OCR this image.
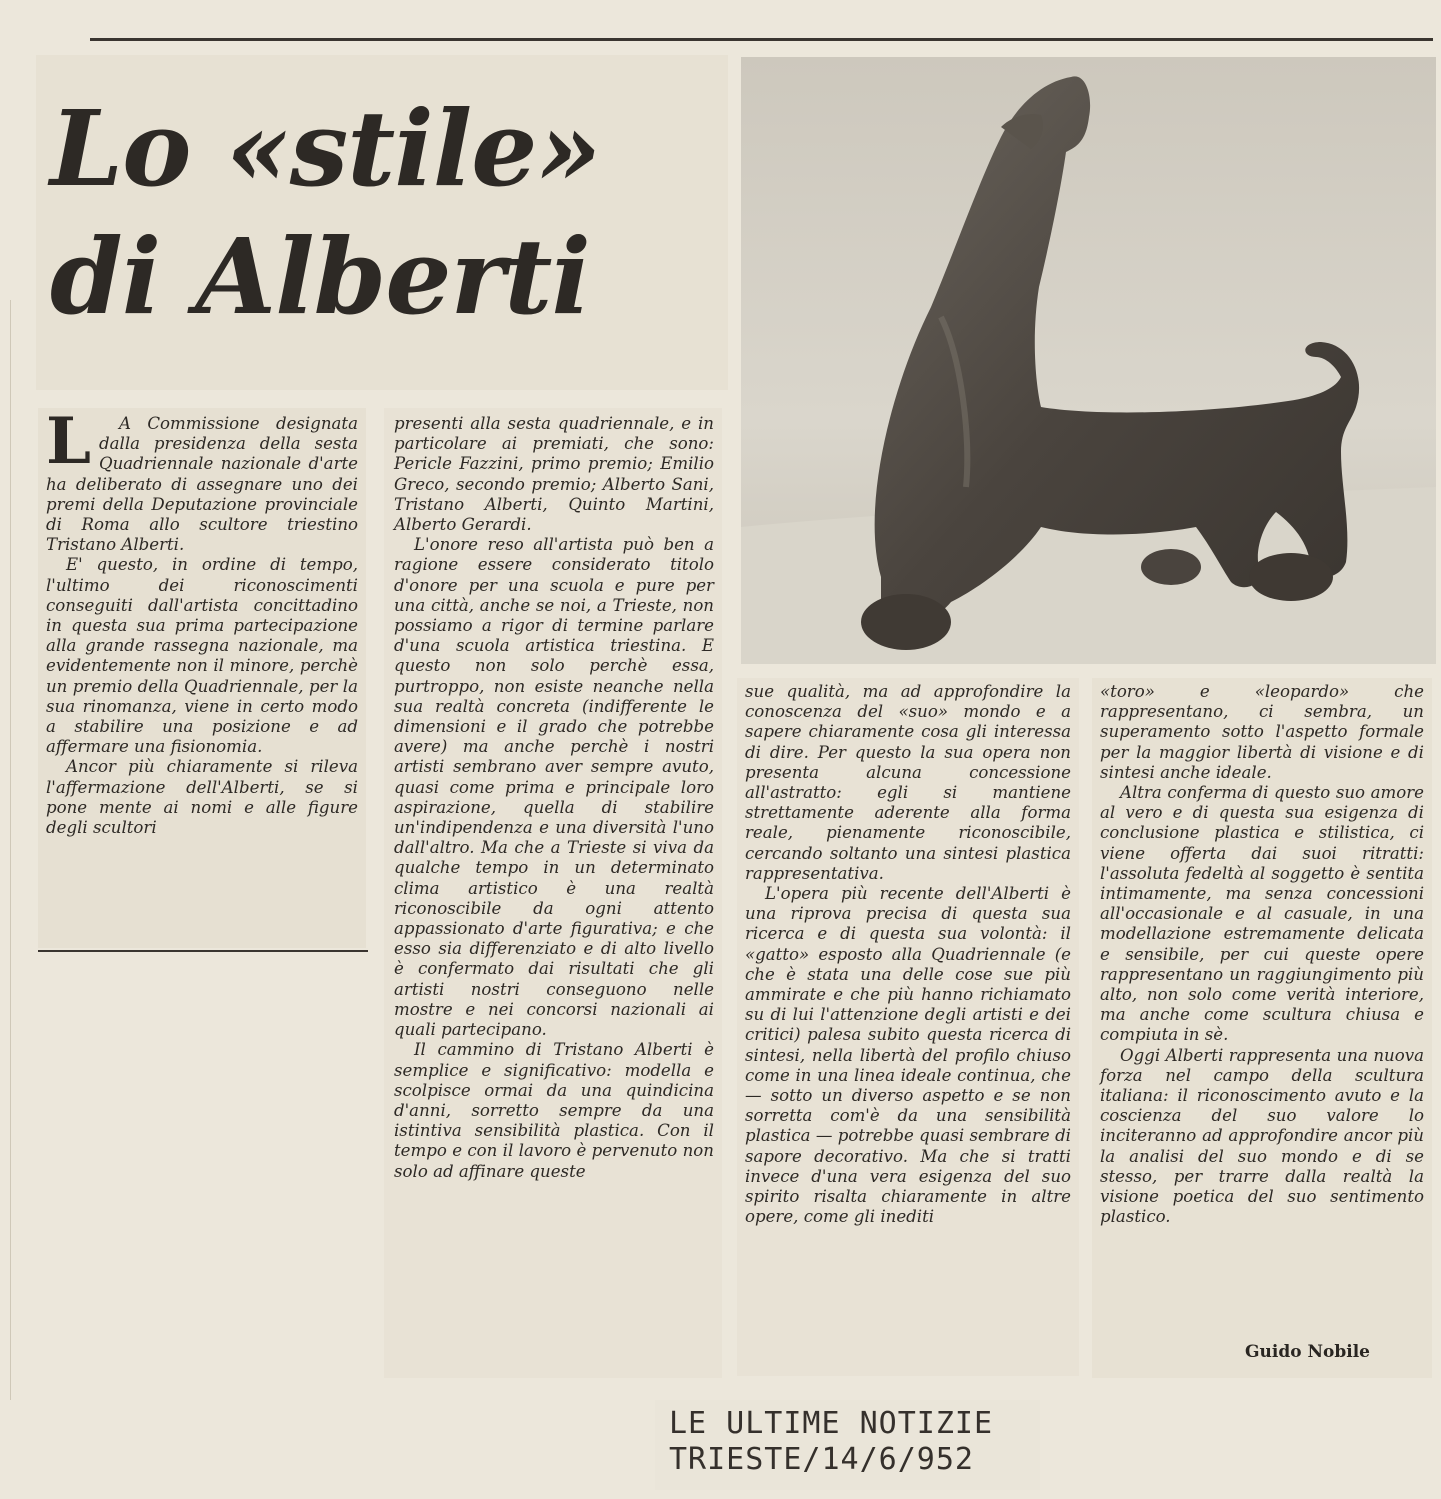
Lo «stile»
di Alberti
L	A Commissione designata dalla presidenza della sesta Quadriennale nazionale d'arte ha deliberato di assegnare uno dei premi della Deputazione provinciale di Roma allo scultore triestino Tristano Alberti.

E' questo, in ordine di tempo, l'ultimo dei riconoscimenti conseguiti dall'artista concittadino in questa sua prima partecipazione alla grande rassegna nazionale, ma evidentemente non il minore, perchè un premio della Quadriennale, per la sua rinomanza, viene in certo modo a stabilire una posizione e ad affermare una fisionomia.

Ancor più chiaramente si rileva l'affermazione dell'Alberti, se si pone mente ai nomi e alle figure degli scultori

presenti alla sesta quadriennale, e in particolare ai premiati, che sono: Pericle Fazzini, primo premio; Emilio Greco, secondo premio; Alberto Sani, Tristano Alberti, Quinto Martini, Alberto Gerardi.

L'onore reso all'artista può ben a ragione essere considerato titolo d'onore per una scuola e pure per una città, anche se noi, a Trieste, non possiamo a rigor di termine parlare d'una scuola artistica triestina. E questo non solo perchè essa, purtroppo, non esiste neanche nella sua realtà concreta (indifferente le dimensioni e il grado che potrebbe avere) ma anche perchè i nostri artisti sembrano aver sempre avuto, quasi come prima e principale loro aspirazione, quella di stabilire un'indipendenza e una diversità l'uno dall'altro. Ma che a Trieste si viva da qualche tempo in un determinato clima artistico è una realtà riconoscibile da ogni attento appassionato d'arte figurativa; e che esso sia differenziato e di alto livello è confermato dai risultati che gli artisti nostri conseguono nelle mostre e nei concorsi nazionali ai quali partecipano.

Il cammino di Tristano Alberti è semplice e significativo: modella e scolpisce ormai da una quindicina d'anni, sorretto sempre da una istintiva sensibilità plastica. Con il tempo e con il lavoro è pervenuto non solo ad affinare queste

sue qualità, ma ad approfondire la conoscenza del «suo» mondo e a sapere chiaramente cosa gli interessa di dire. Per questo la sua opera non presenta alcuna concessione all'astratto: egli si mantiene strettamente aderente alla forma reale, pienamente riconoscibile, cercando soltanto una sintesi plastica rappresentativa.

L'opera più recente dell'Alberti è una riprova precisa di questa sua ricerca e di questa sua volontà: il «gatto» esposto alla Quadriennale (e che è stata una delle cose sue più ammirate e che più hanno richiamato su di lui l'attenzione degli artisti e dei critici) palesa subito questa ricerca di sintesi, nella libertà del profilo chiuso come in una linea ideale continua, che — sotto un diverso aspetto e se non sorretta com'è da una sensibilità plastica — potrebbe quasi sembrare di sapore decorativo. Ma che si tratti invece d'una vera esigenza del suo spirito risalta chiaramente in altre opere, come gli inediti

«toro» e «leopardo» che rappresentano, ci sembra, un superamento sotto l'aspetto formale per la maggior libertà di visione e di sintesi anche ideale.

Altra conferma di questo suo amore al vero e di questa sua esigenza di conclusione plastica e stilistica, ci viene offerta dai suoi ritratti: l'assoluta fedeltà al soggetto è sentita intimamente, ma senza concessioni all'occasionale e al casuale, in una modellazione estremamente delicata e sensibile, per cui queste opere rappresentano un raggiungimento più alto, non solo come verità interiore, ma anche come scultura chiusa e compiuta in sè.

Oggi Alberti rappresenta una nuova forza nel campo della scultura italiana: il riconoscimento avuto e la coscienza del suo valore lo inciteranno ad approfondire ancor più la analisi del suo mondo e di se stesso, per trarre dalla realtà la visione poetica del suo sentimento plastico.

Guido Nobile
LE ULTIME NOTIZIE
TRIESTE/14/6/952
